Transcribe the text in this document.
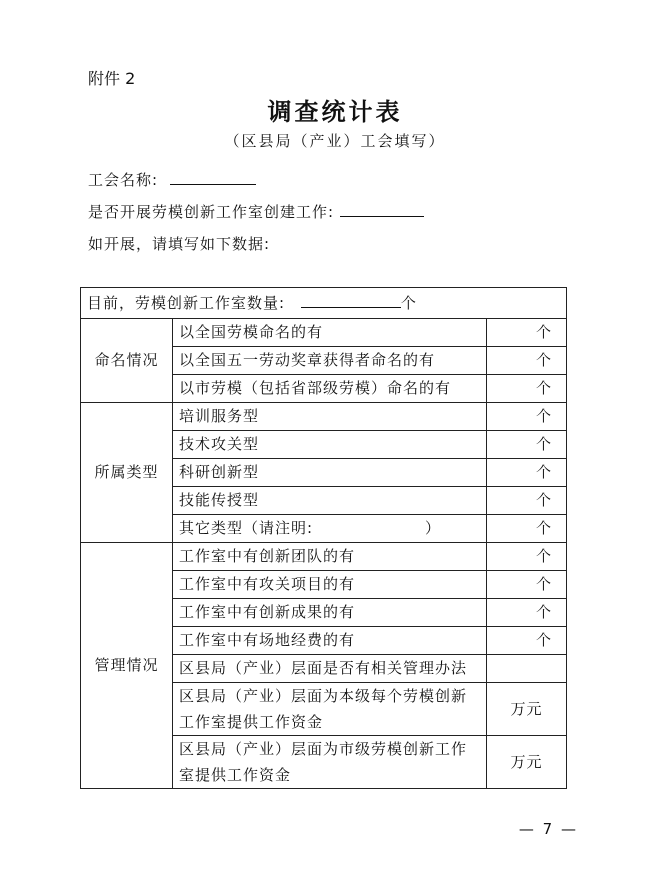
附件 2
调查统计表
（区县局（产业）工会填写）
工会名称:
是否开展劳模创新工作室创建工作:
如开展，请填写如下数据:
目前，劳模创新工作室数量: 个		
命名情况	以全国劳模命名的有	个
	以全国五一劳动奖章获得者命名的有	个
	以市劳模（包括省部级劳模）命名的有	个
所属类型	培训服务型	个
	技术攻关型	个
	科研创新型	个
	技能传授型	个
	其它类型（请注明:　　　　　　　）	个
管理情况	工作室中有创新团队的有	个
	工作室中有攻关项目的有	个
	工作室中有创新成果的有	个
	工作室中有场地经费的有	个
	区县局（产业）层面是否有相关管理办法	
	区县局（产业）层面为本级每个劳模创新工作室提供工作资金	万元
	区县局（产业）层面为市级劳模创新工作室提供工作资金	万元
— 7 —
